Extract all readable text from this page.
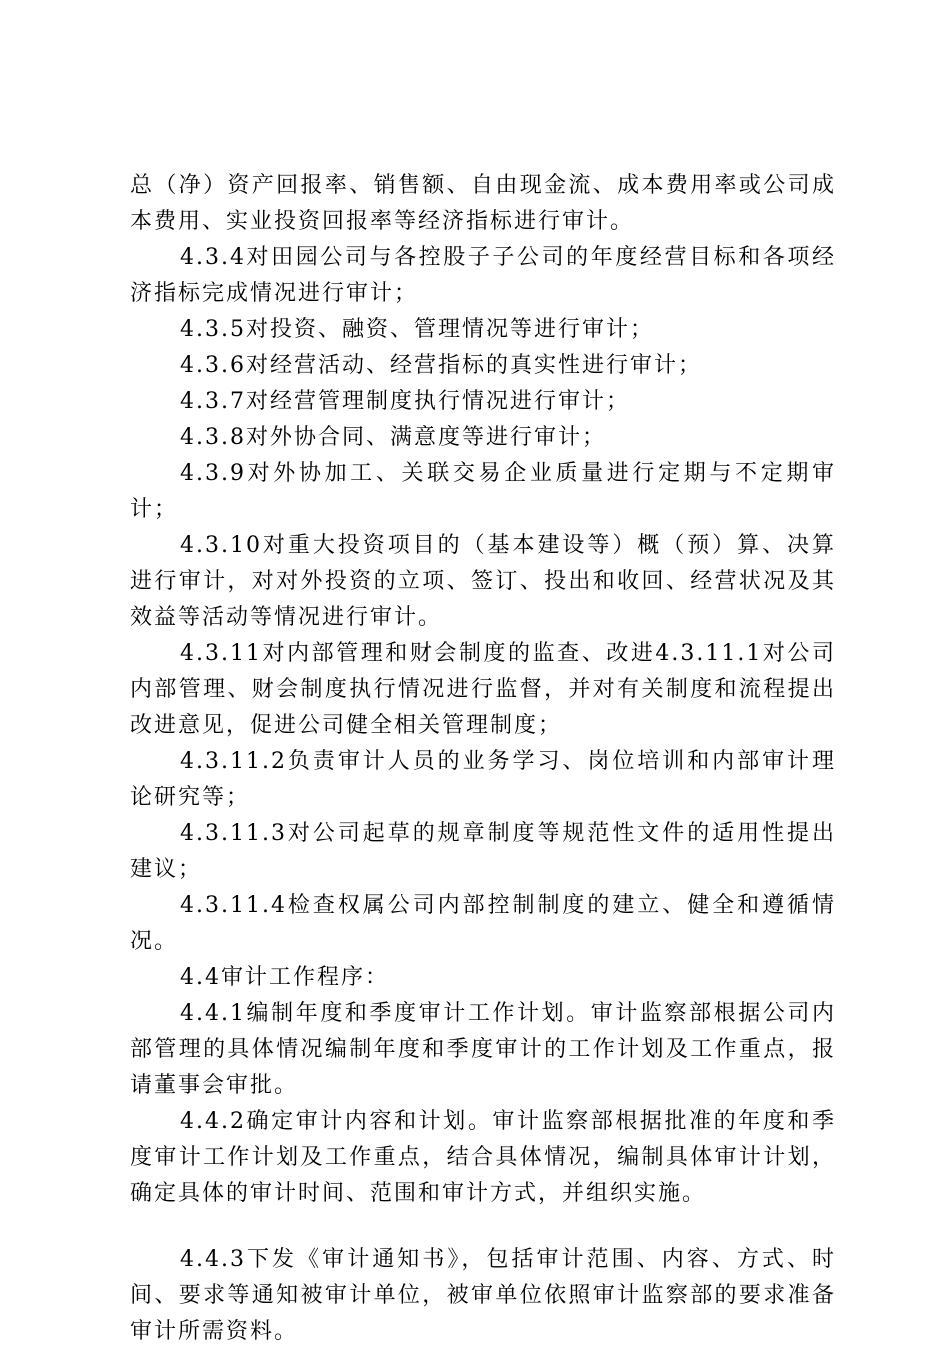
总（净）资产回报率、销售额、自由现金流、成本费用率或公司成本费用、实业投资回报率等经济指标进行审计。

4.3.4对田园公司与各控股子子公司的年度经营目标和各项经济指标完成情况进行审计；

4.3.5对投资、融资、管理情况等进行审计；

4.3.6对经营活动、经营指标的真实性进行审计；

4.3.7对经营管理制度执行情况进行审计；

4.3.8对外协合同、满意度等进行审计；

4.3.9对外协加工、关联交易企业质量进行定期与不定期审计；

4.3.10对重大投资项目的（基本建设等）概（预）算、决算进行审计，对对外投资的立项、签订、投出和收回、经营状况及其效益等活动等情况进行审计。

4.3.11对内部管理和财会制度的监查、改进4.3.11.1对公司内部管理、财会制度执行情况进行监督，并对有关制度和流程提出改进意见，促进公司健全相关管理制度；

4.3.11.2负责审计人员的业务学习、岗位培训和内部审计理论研究等；

4.3.11.3对公司起草的规章制度等规范性文件的适用性提出建议；

4.3.11.4检查权属公司内部控制制度的建立、健全和遵循情况。

4.4审计工作程序：

4.4.1编制年度和季度审计工作计划。审计监察部根据公司内部管理的具体情况编制年度和季度审计的工作计划及工作重点，报请董事会审批。

4.4.2确定审计内容和计划。审计监察部根据批准的年度和季度审计工作计划及工作重点，结合具体情况，编制具体审计计划，确定具体的审计时间、范围和审计方式，并组织实施。

4.4.3下发《审计通知书》，包括审计范围、内容、方式、时间、要求等通知被审计单位，被审单位依照审计监察部的要求准备审计所需资料。
